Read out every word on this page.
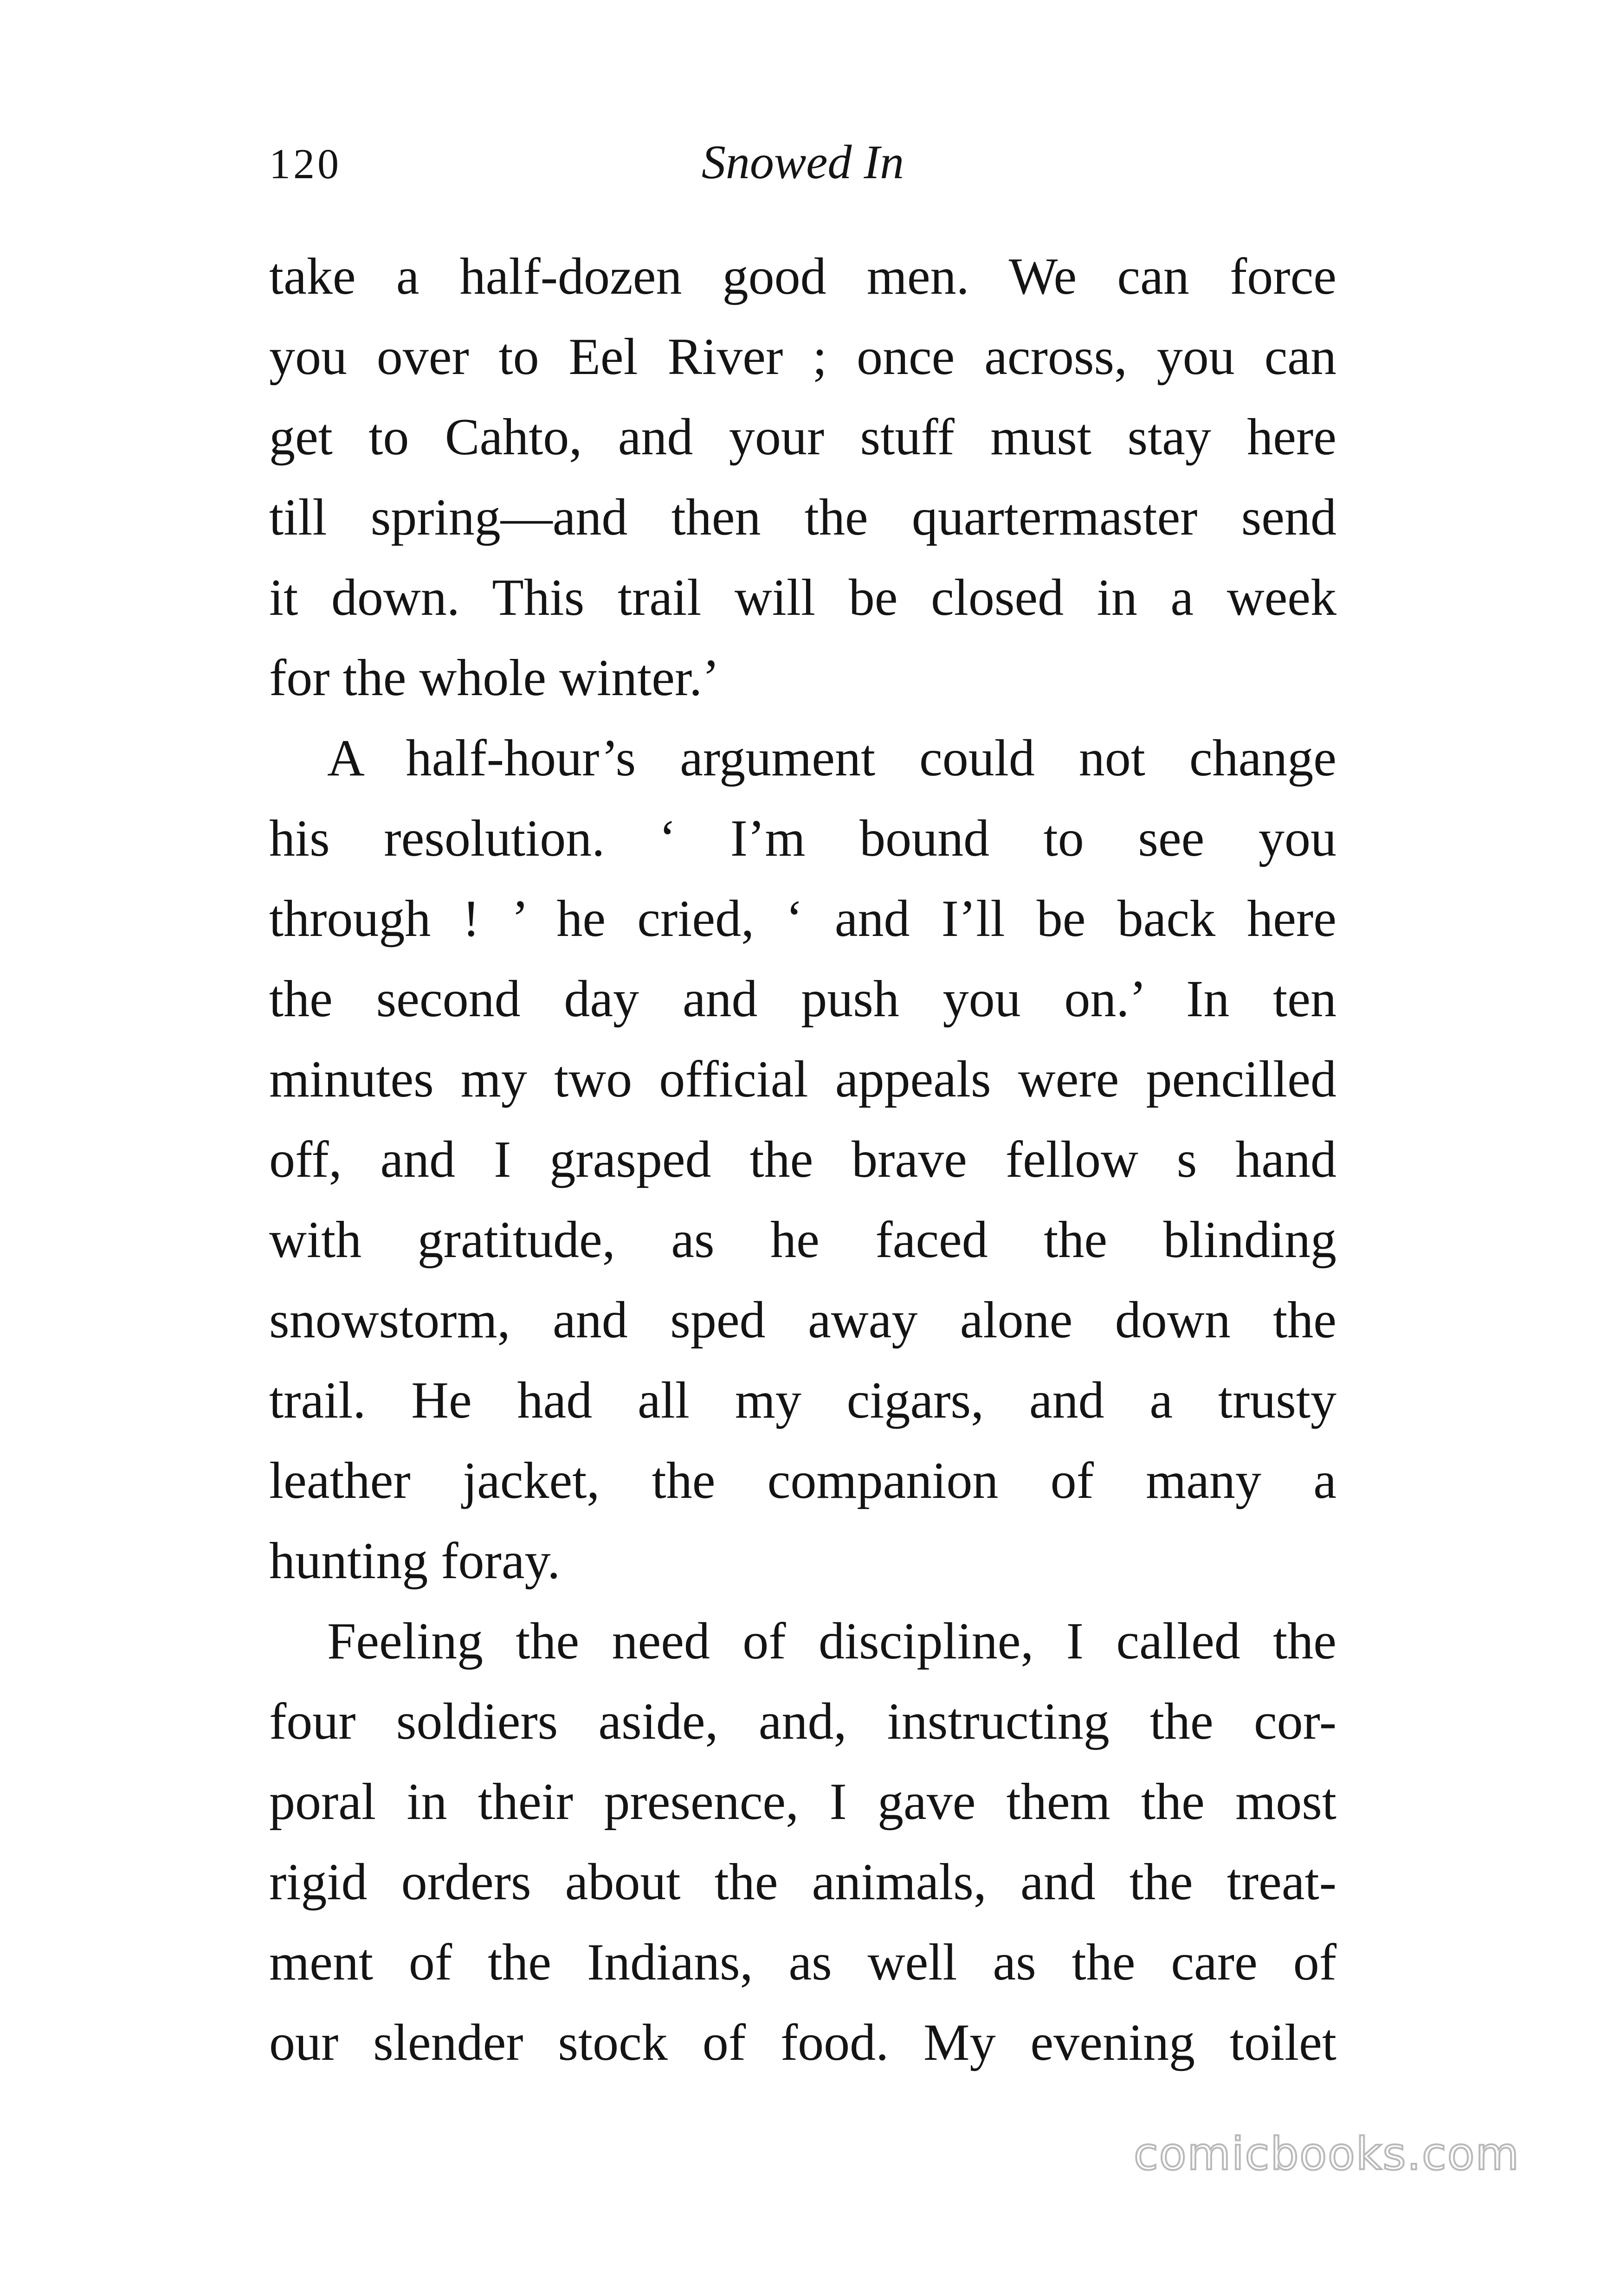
120	Snowed In
take a half-dozen good men. We can force
you over to Eel River ; once across, you can
get to Cahto, and your stuff must stay here
till spring—and then the quartermaster send
it down. This trail will be closed in a week
for the whole winter.’
A half-hour’s argument could not change
his resolution. ‘ I’m bound to see you
through ! ’ he cried, ‘ and I’ll be back here
the second day and push you on.’ In ten
minutes my two official appeals were pencilled
off, and I grasped the brave fellow s hand
with gratitude, as he faced the blinding
snowstorm, and sped away alone down the
trail. He had all my cigars, and a trusty
leather jacket, the companion of many a
hunting foray.
Feeling the need of discipline, I called the
four soldiers aside, and, instructing the cor-
poral in their presence, I gave them the most
rigid orders about the animals, and the treat-
ment of the Indians, as well as the care of
our slender stock of food. My evening toilet
comicbooks.com
